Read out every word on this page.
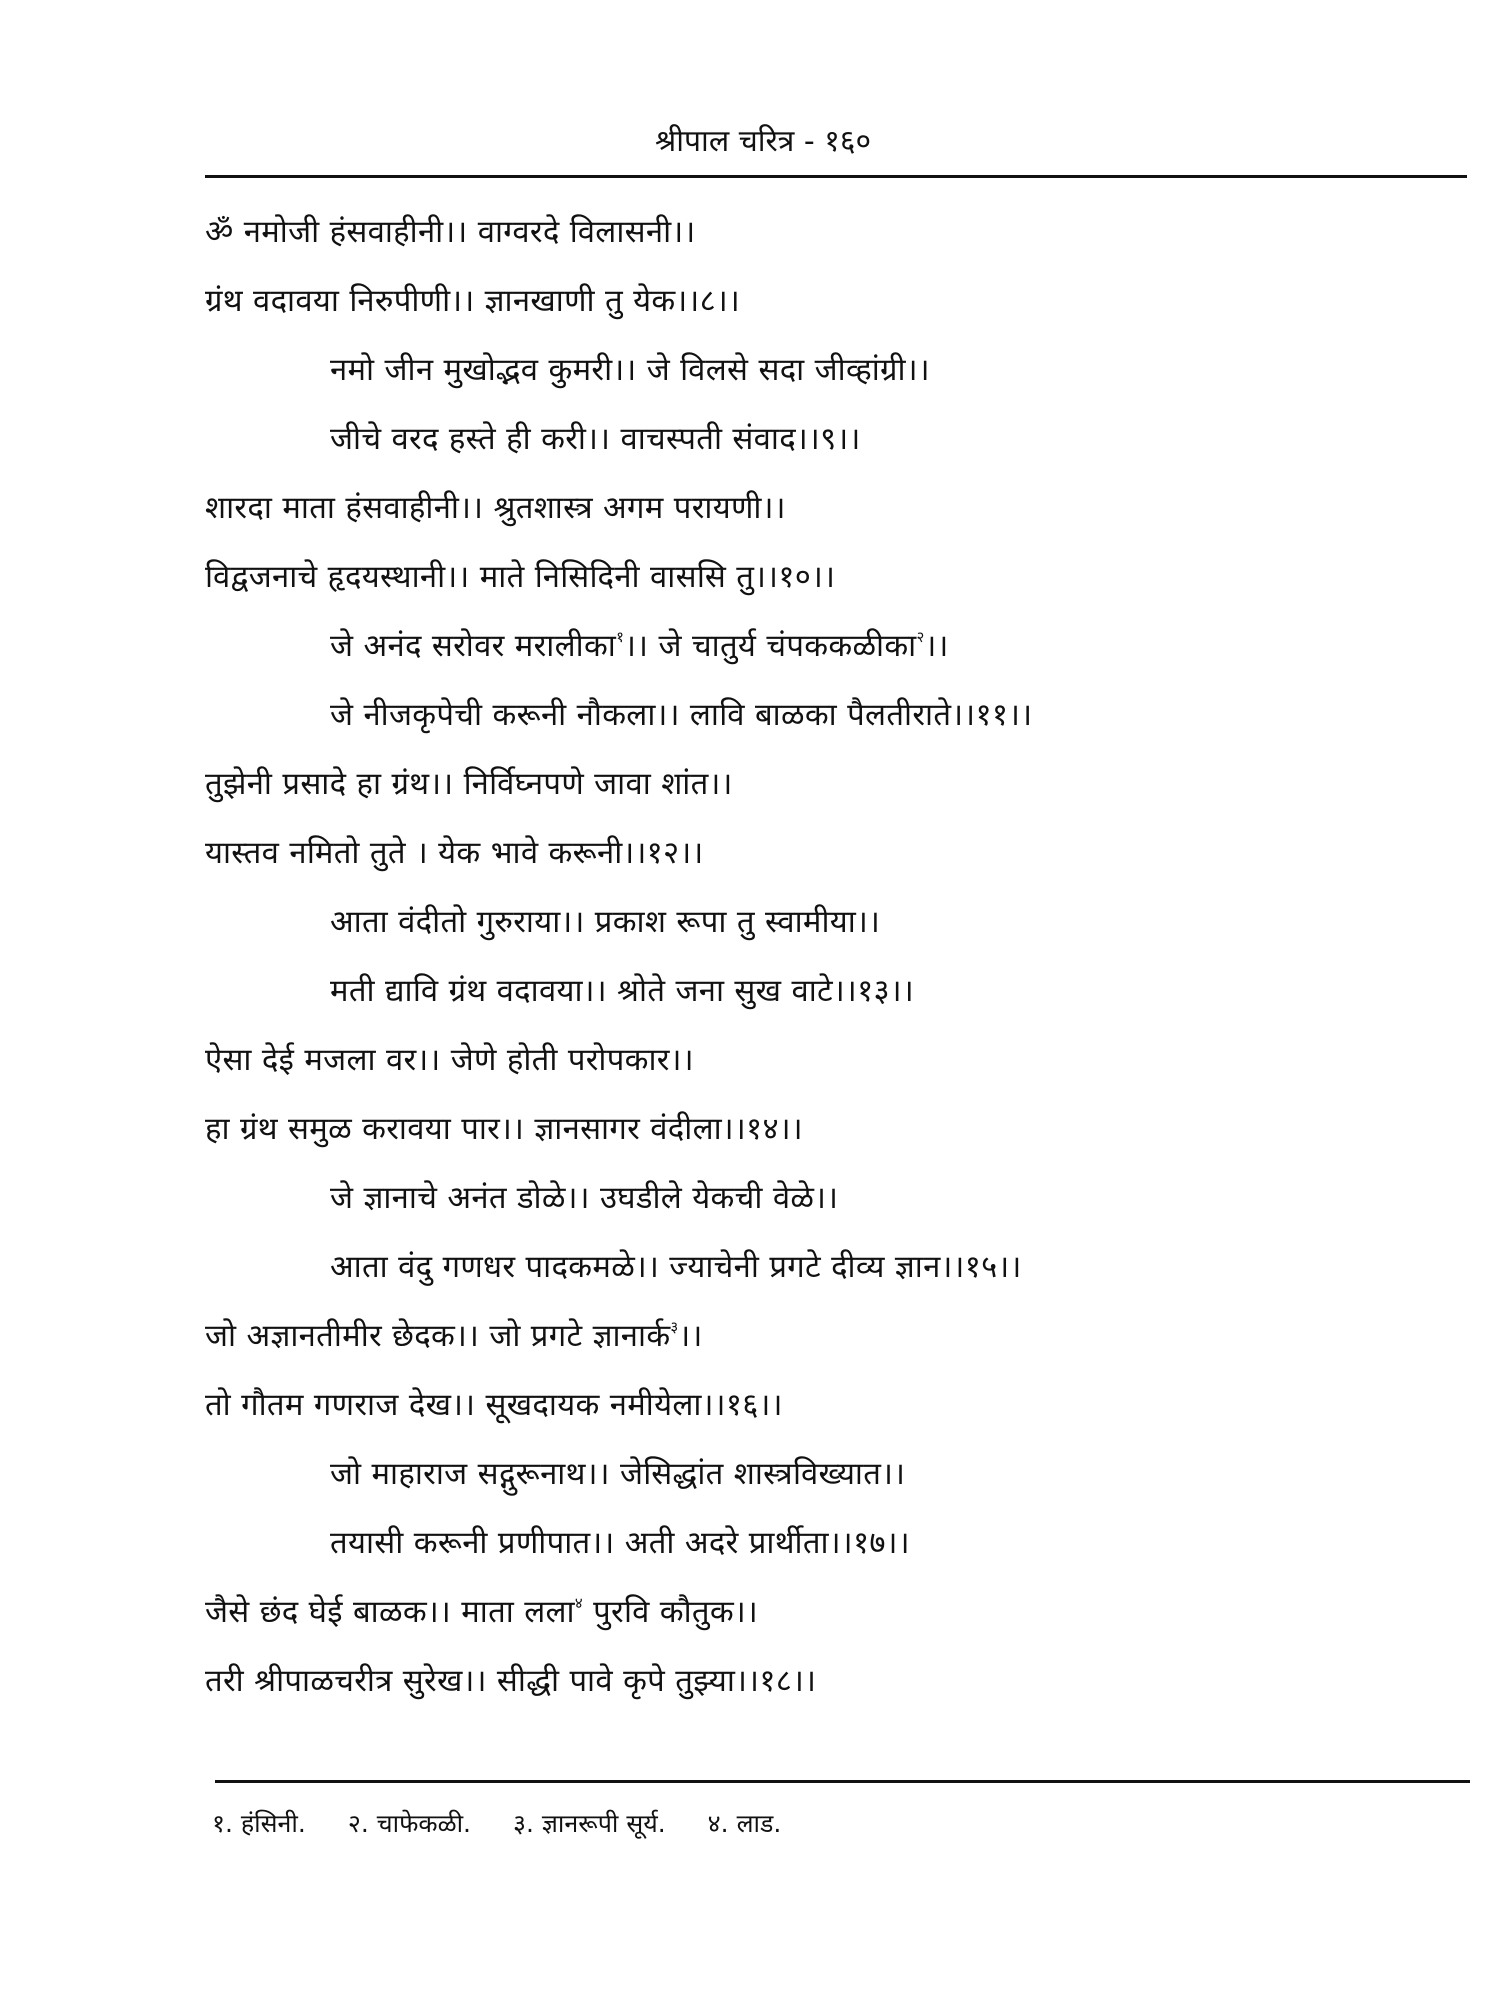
श्रीपाल चरित्र - १६०
ॐ नमोजी हंसवाहीनी।। वाग्वरदे विलासनी।।
ग्रंथ वदावया निरुपीणी।। ज्ञानखाणी तु येक।।८।।
नमो जीन मुखोद्भव कुमरी।। जे विलसे सदा जीव्हांग्री।।
जीचे वरद हस्ते ही करी।। वाचस्पती संवाद।।९।।
शारदा माता हंसवाहीनी।। श्रुतशास्त्र अगम परायणी।।
विद्वजनाचे हृदयस्थानी।। माते निसिदिनी वाससि तु।।१०।।
जे अनंद सरोवर मरालीका$^१$।। जे चातुर्य चंपककळीका$^२$।।
जे नीजकृपेची करूनी नौकला।। लावि बाळका पैलतीराते।।११।।
तुझेनी प्रसादे हा ग्रंथ।। निर्विघ्नपणे जावा शांत।।
यास्तव नमितो तुते । येक भावे करूनी।।१२।।
आता वंदीतो गुरुराया।। प्रकाश रूपा तु स्वामीया।।
मती द्यावि ग्रंथ वदावया।। श्रोते जना सुख वाटे।।१३।।
ऐसा देई मजला वर।। जेणे होती परोपकार।।
हा ग्रंथ समुळ करावया पार।। ज्ञानसागर वंदीला।।१४।।
जे ज्ञानाचे अनंत डोळे।। उघडीले येकची वेळे।।
आता वंदु गणधर पादकमळे।। ज्याचेनी प्रगटे दीव्य ज्ञान।।१५।।
जो अज्ञानतीमीर छेदक।। जो प्रगटे ज्ञानार्क$^३$।।
तो गौतम गणराज देख।। सूखदायक नमीयेला।।१६।।
जो माहाराज सद्गुरूनाथ।। जेसिद्धांत शास्त्रविख्यात।।
तयासी करूनी प्रणीपात।। अती अदरे प्रार्थीता।।१७।।
जैसे छंद घेई बाळक।। माता लला$^४$ पुरवि कौतुक।।
तरी श्रीपाळचरीत्र सुरेख।। सीद्धी पावे कृपे तुझ्या।।१८।।
१. हंसिनी. २. चाफेकळी. ३. ज्ञानरूपी सूर्य. ४. लाड.
